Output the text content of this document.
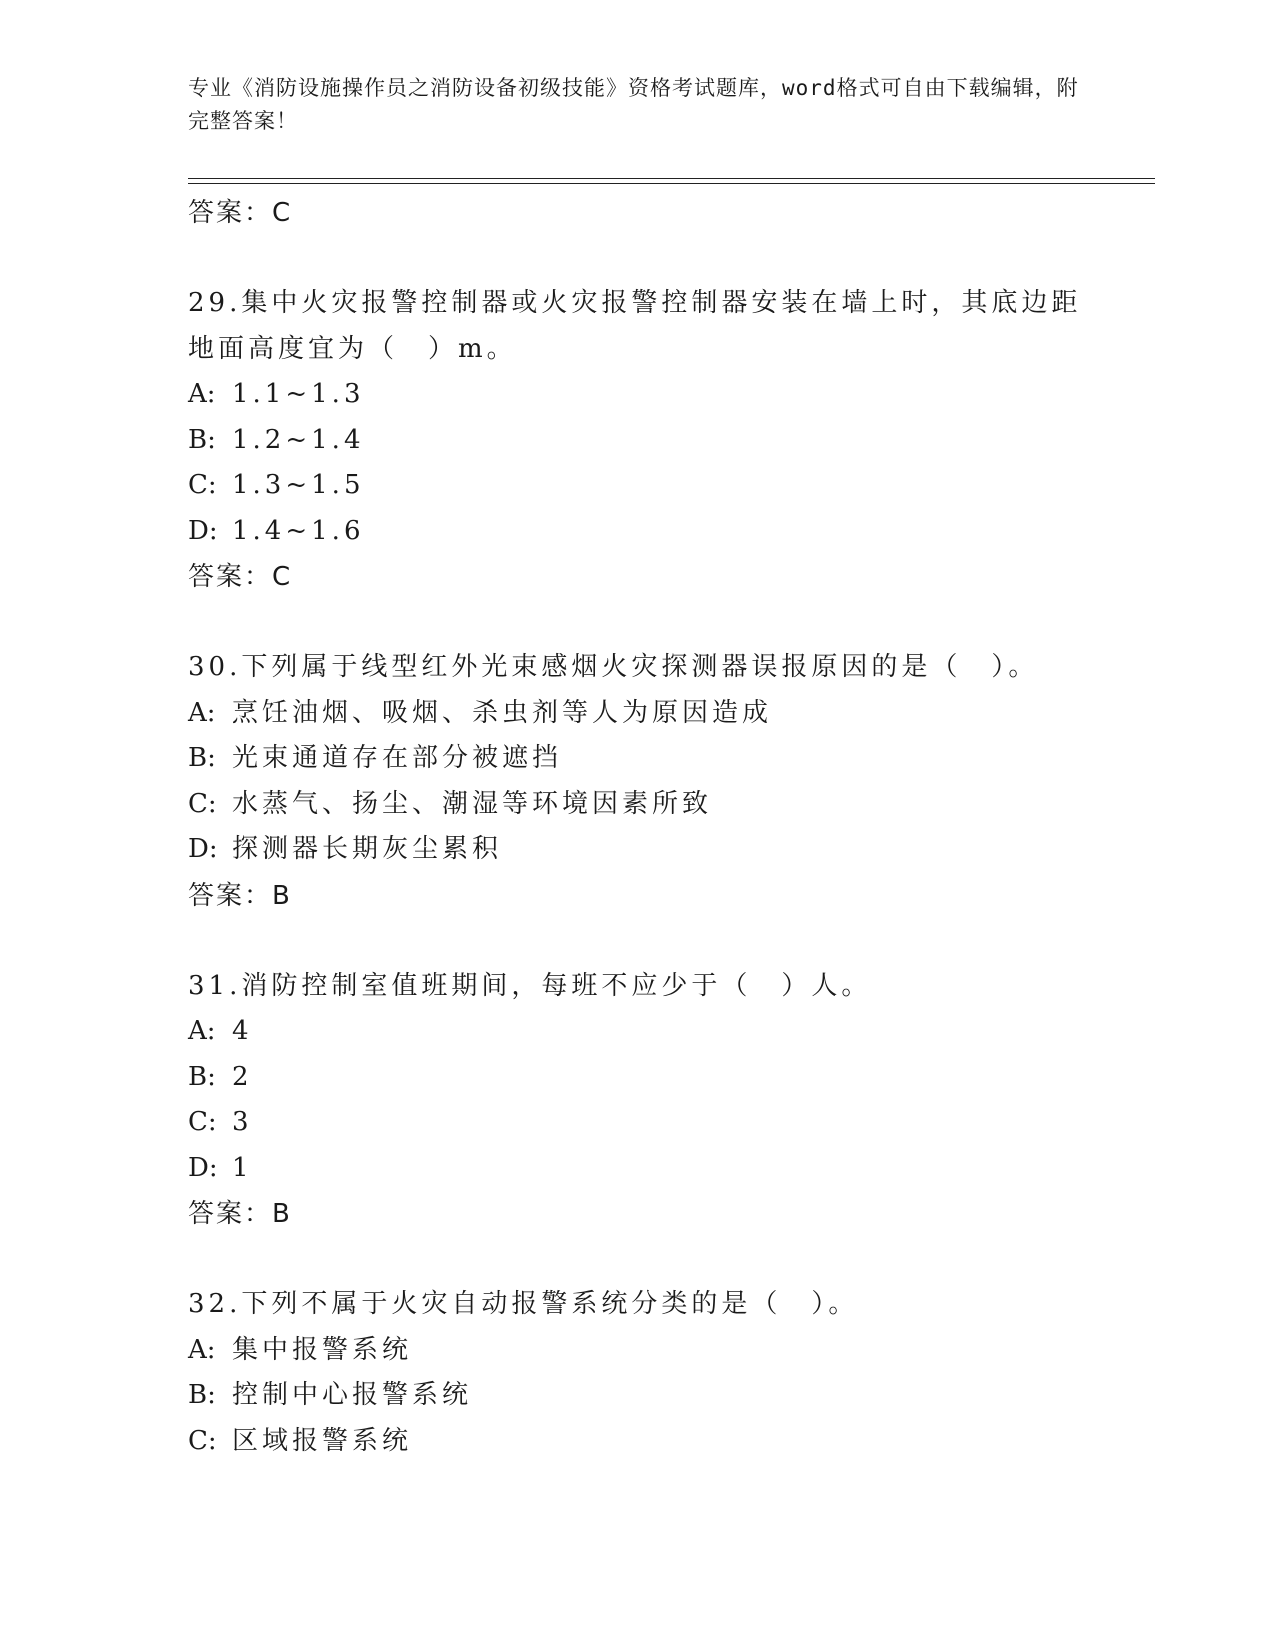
专业《消防设施操作员之消防设备初级技能》资格考试题库，word格式可自由下载编辑，附完整答案！
答案：C
29.集中火灾报警控制器或火灾报警控制器安装在墙上时，其底边距地面高度宜为（　）m。
A: 1.1~1.3
B: 1.2~1.4
C: 1.3~1.5
D: 1.4~1.6
答案：C
30.下列属于线型红外光束感烟火灾探测器误报原因的是（　）。
A: 烹饪油烟、吸烟、杀虫剂等人为原因造成
B: 光束通道存在部分被遮挡
C: 水蒸气、扬尘、潮湿等环境因素所致
D: 探测器长期灰尘累积
答案：B
31.消防控制室值班期间，每班不应少于（　）人。
A: 4
B: 2
C: 3
D: 1
答案：B
32.下列不属于火灾自动报警系统分类的是（　）。
A: 集中报警系统
B: 控制中心报警系统
C: 区域报警系统
